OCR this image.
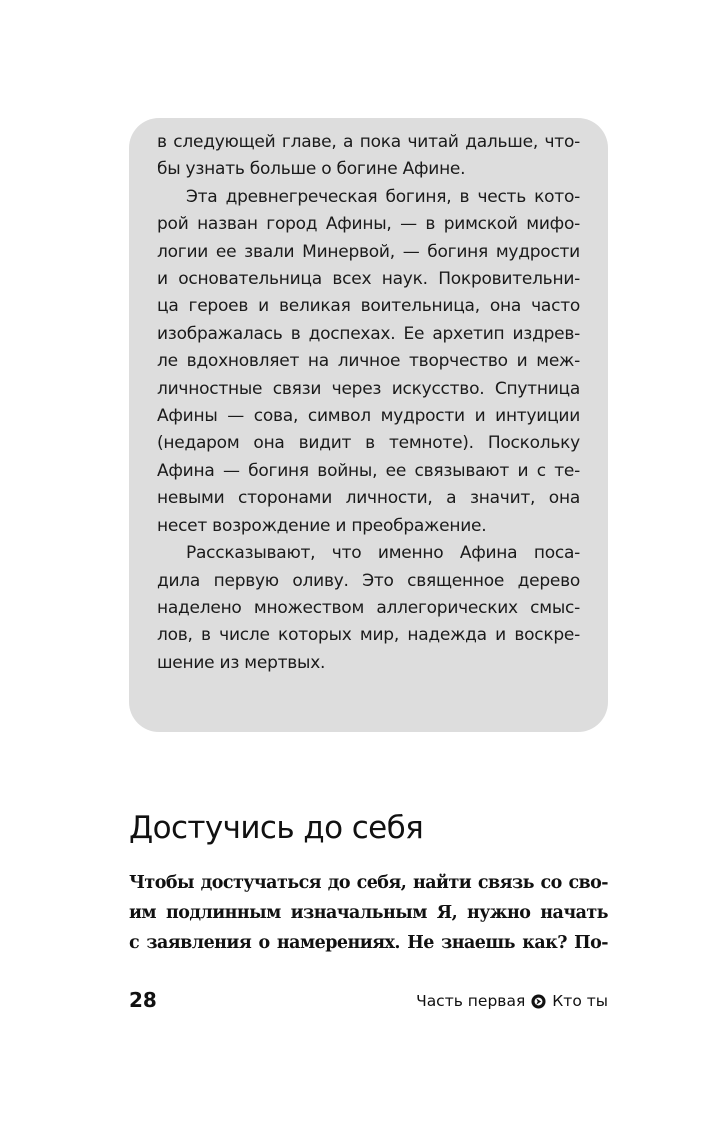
в следующей главе, а пока читай дальше, что-
бы узнать больше о богине Афине.
Эта древнегреческая богиня, в честь кото-
рой назван город Афины, — в римской мифо-
логии ее звали Минервой, — богиня мудрости
и основательница всех наук. Покровительни-
ца героев и великая воительница, она часто
изображалась в доспехах. Ее архетип издрев-
ле вдохновляет на личное творчество и меж-
личностные связи через искусство. Спутница
Афины — сова, символ мудрости и интуиции
(недаром она видит в темноте). Поскольку
Афина — богиня войны, ее связывают и с те-
невыми сторонами личности, а значит, она
несет возрождение и преображение.
Рассказывают, что именно Афина поса-
дила первую оливу. Это священное дерево
наделено множеством аллегорических смыс-
лов, в числе которых мир, надежда и воскре-
шение из мертвых.
Достучись до себя
Чтобы достучаться до себя, найти связь со сво-
им подлинным изначальным Я, нужно начать
с заявления о намерениях. Не знаешь как? По-
28	Часть первая Кто ты
